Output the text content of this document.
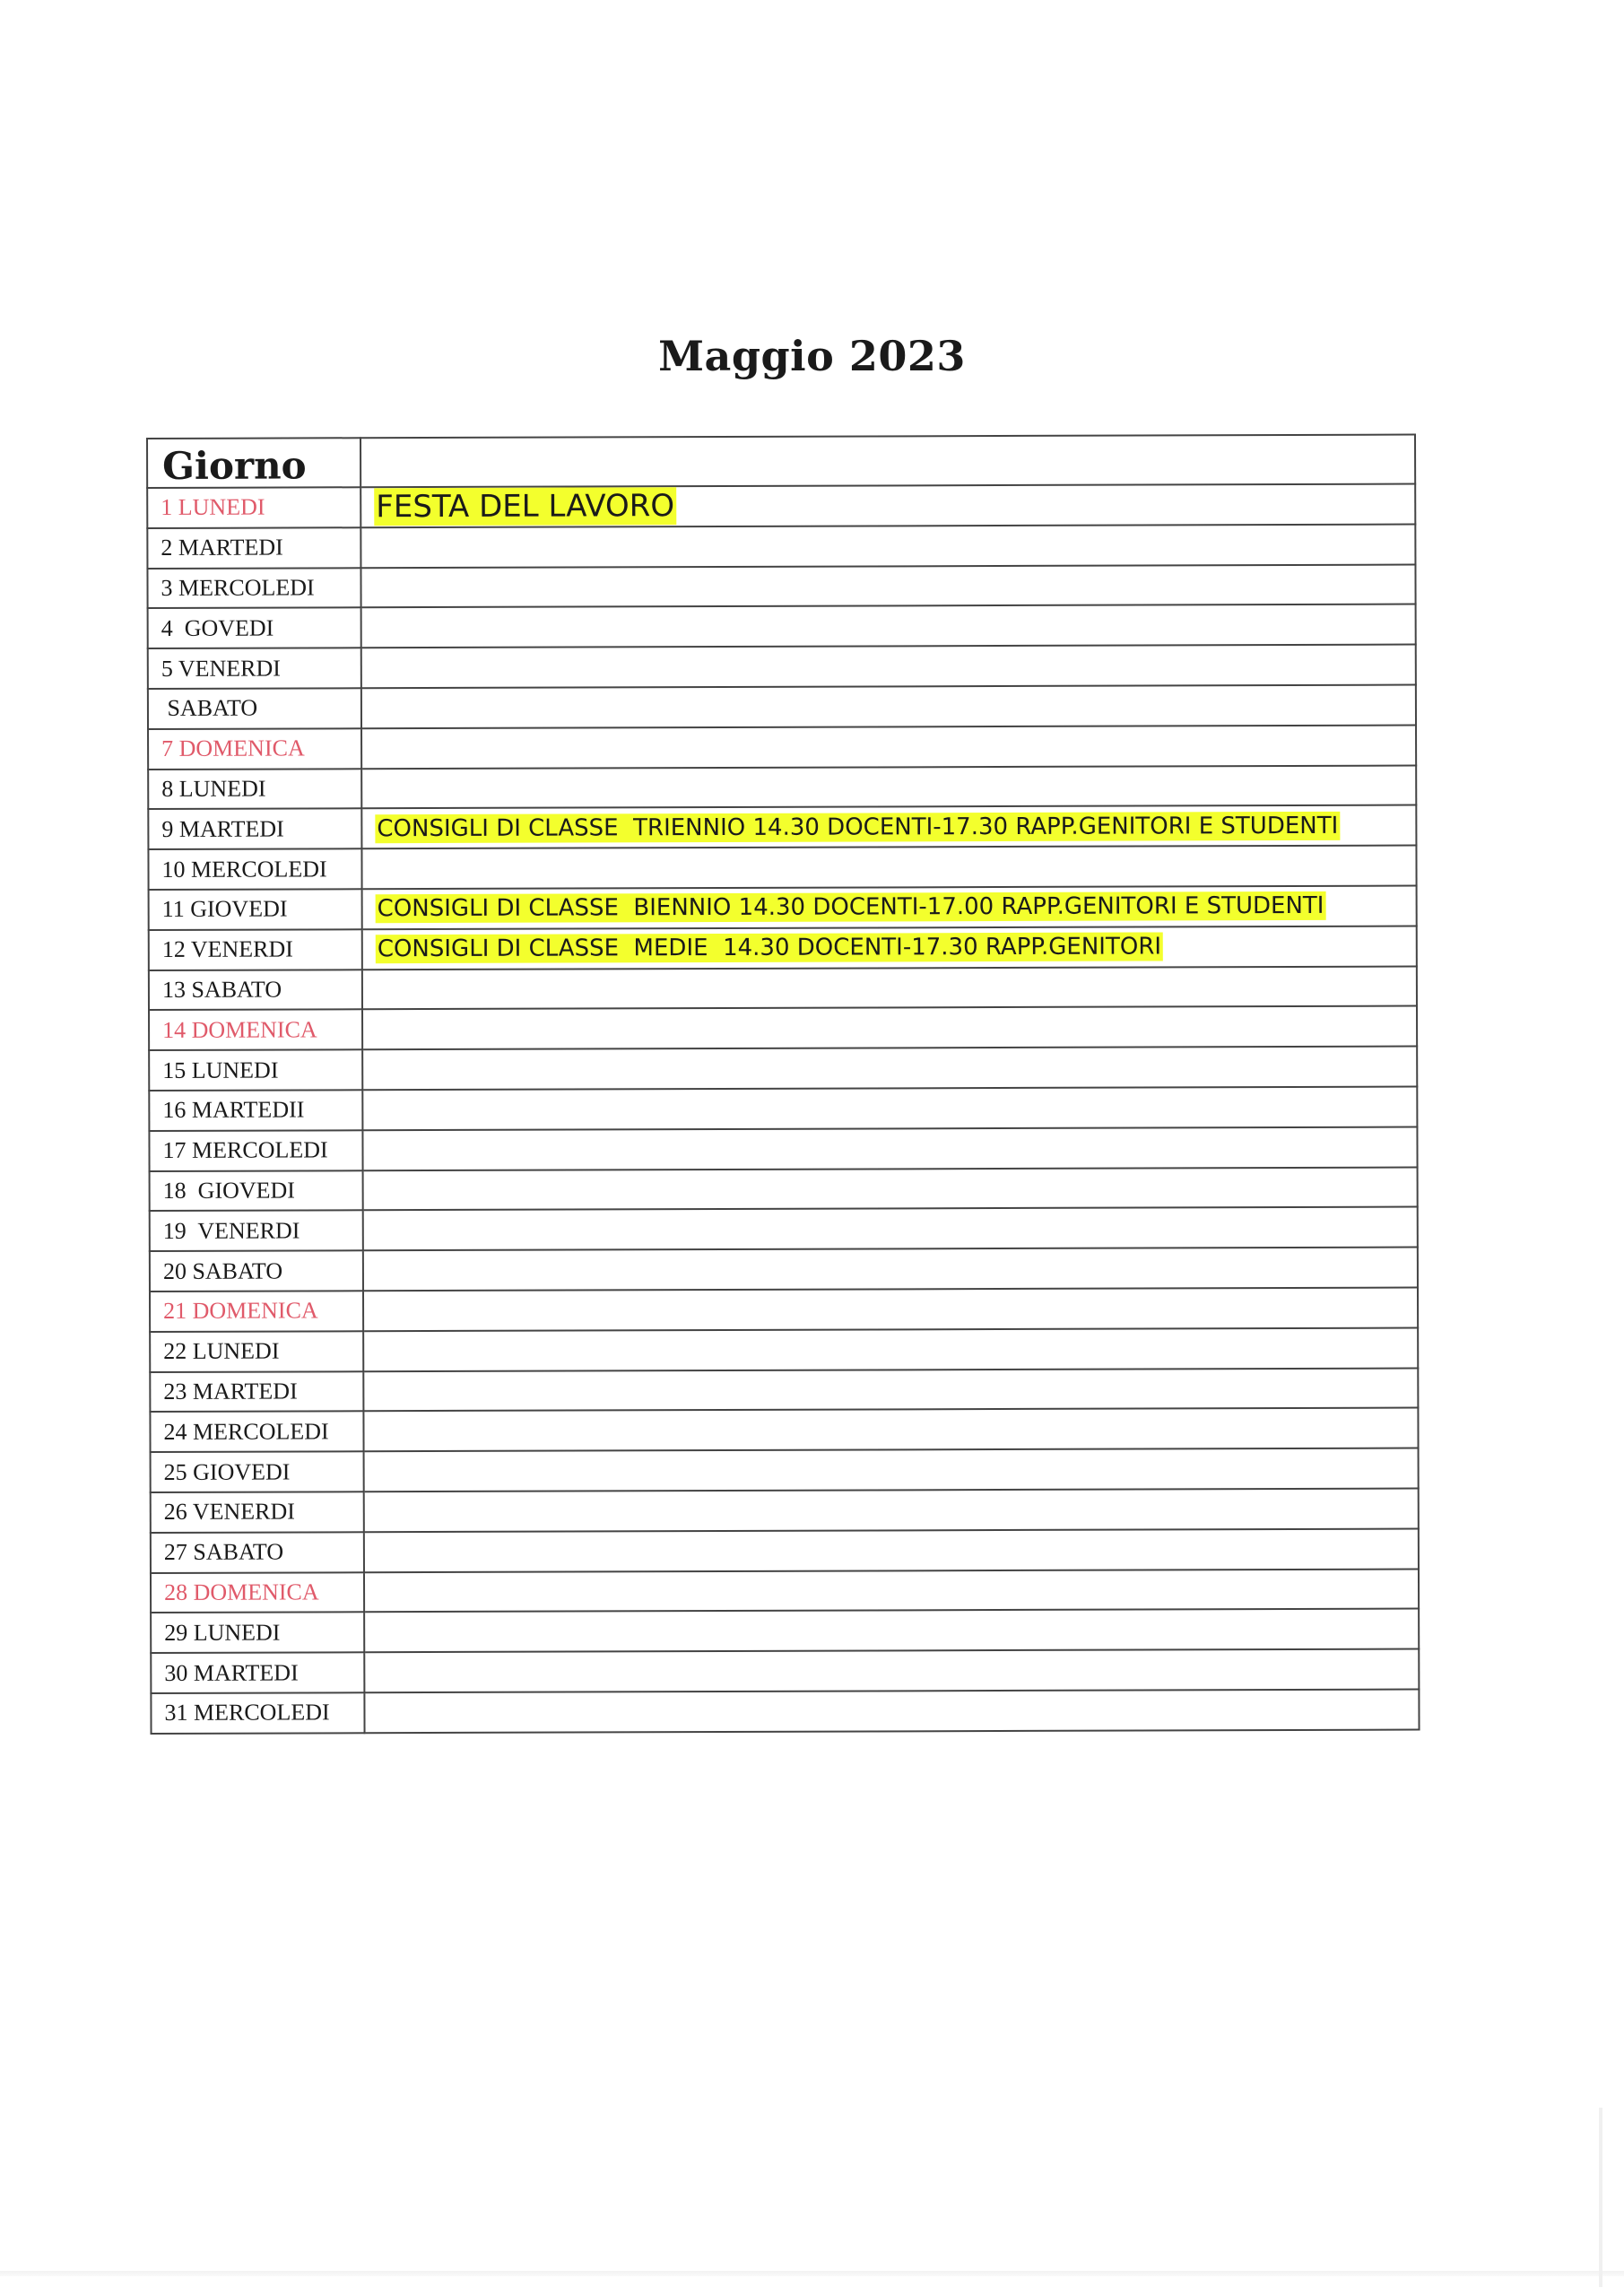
Maggio 2023
Giorno	
1 LUNEDI	FESTA DEL LAVORO
2 MARTEDI	
3 MERCOLEDI	
4  GOVEDI	
5 VENERDI	
SABATO	
7 DOMENICA	
8 LUNEDI	
9 MARTEDI	CONSIGLI DI CLASSE  TRIENNIO 14.30 DOCENTI-17.30 RAPP.GENITORI E STUDENTI
10 MERCOLEDI	
11 GIOVEDI	CONSIGLI DI CLASSE  BIENNIO 14.30 DOCENTI-17.00 RAPP.GENITORI E STUDENTI
12 VENERDI	CONSIGLI DI CLASSE  MEDIE  14.30 DOCENTI-17.30 RAPP.GENITORI
13 SABATO	
14 DOMENICA	
15 LUNEDI	
16 MARTEDII	
17 MERCOLEDI	
18  GIOVEDI	
19  VENERDI	
20 SABATO	
21 DOMENICA	
22 LUNEDI	
23 MARTEDI	
24 MERCOLEDI	
25 GIOVEDI	
26 VENERDI	
27 SABATO	
28 DOMENICA	
29 LUNEDI	
30 MARTEDI	
31 MERCOLEDI	
